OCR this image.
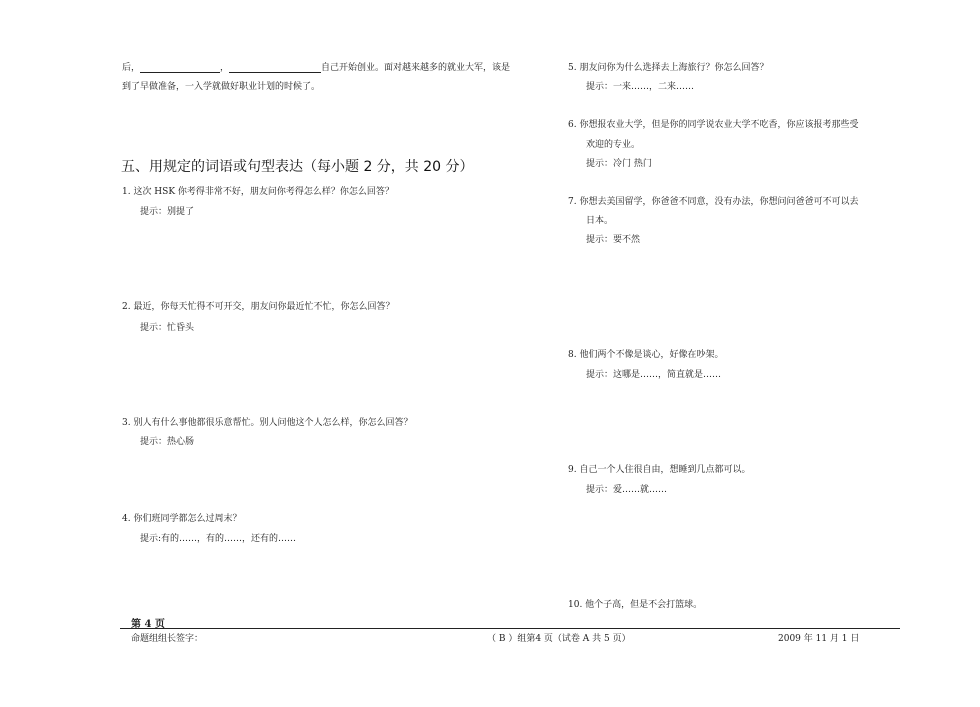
后，	，	自己开始创业。面对越来越多的就业大军，该是
到了早做准备，一入学就做好职业计划的时候了。
五、用规定的词语或句型表达（每小题 2 分，共 20 分）
1. 这次 HSK 你考得非常不好，朋友问你考得怎么样？你怎么回答？
提示：别提了
2. 最近，你每天忙得不可开交，朋友问你最近忙不忙，你怎么回答？
提示：忙昏头
3. 别人有什么事他都很乐意帮忙。别人问他这个人怎么样，你怎么回答？
提示：热心肠
4. 你们班同学都怎么过周末？
提示:有的……，有的……，还有的……
5. 朋友问你为什么选择去上海旅行？你怎么回答？
提示：一来……，二来……
6. 你想报农业大学，但是你的同学说农业大学不吃香，你应该报考那些受
欢迎的专业。
提示：冷门 热门
7. 你想去美国留学，你爸爸不同意，没有办法，你想问问爸爸可不可以去
日本。
提示：要不然
8. 他们两个不像是谈心，好像在吵架。
提示：这哪是……，简直就是……
9. 自己一个人住很自由，想睡到几点都可以。
提示：爱……就……
10. 他个子高，但是不会打篮球。
第 4 页
命题组组长签字：	（ B ）组第4 页（试卷 A 共 5 页）	2009 年 11 月 1 日
